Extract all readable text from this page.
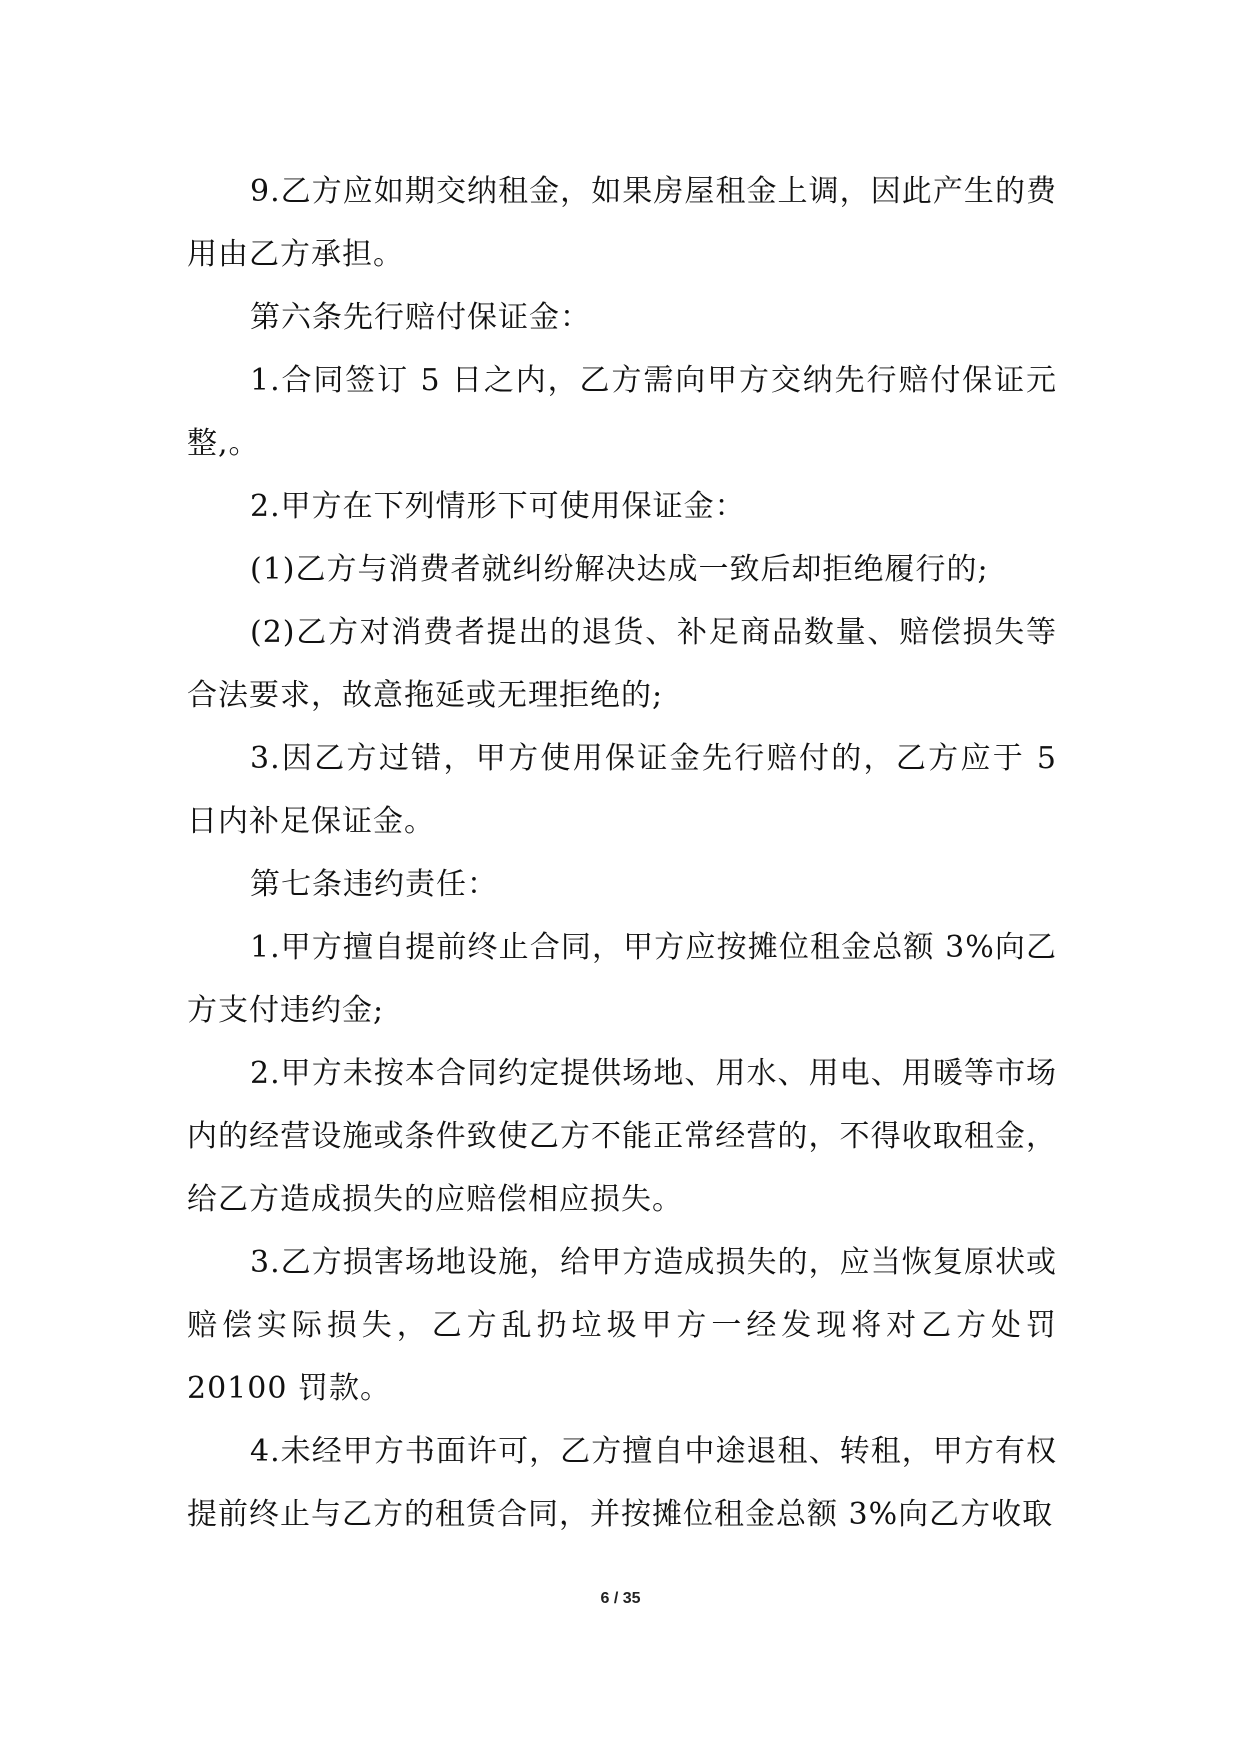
9.乙方应如期交纳租金，如果房屋租金上调，因此产生的费用由乙方承担。

第六条先行赔付保证金：

1.合同签订 5 日之内，乙方需向甲方交纳先行赔付保证元整,。

2.甲方在下列情形下可使用保证金：

(1)乙方与消费者就纠纷解决达成一致后却拒绝履行的;

(2)乙方对消费者提出的退货、补足商品数量、赔偿损失等合法要求，故意拖延或无理拒绝的;

3.因乙方过错，甲方使用保证金先行赔付的，乙方应于 5 日内补足保证金。

第七条违约责任：

1.甲方擅自提前终止合同，甲方应按摊位租金总额 3%向乙方支付违约金;

2.甲方未按本合同约定提供场地、用水、用电、用暖等市场内的经营设施或条件致使乙方不能正常经营的，不得收取租金，给乙方造成损失的应赔偿相应损失。

3.乙方损害场地设施，给甲方造成损失的，应当恢复原状或赔偿实际损失，乙方乱扔垃圾甲方一经发现将对乙方处罚 20100 罚款。

4.未经甲方书面许可，乙方擅自中途退租、转租，甲方有权提前终止与乙方的租赁合同，并按摊位租金总额 3%向乙方收取

6 / 35
